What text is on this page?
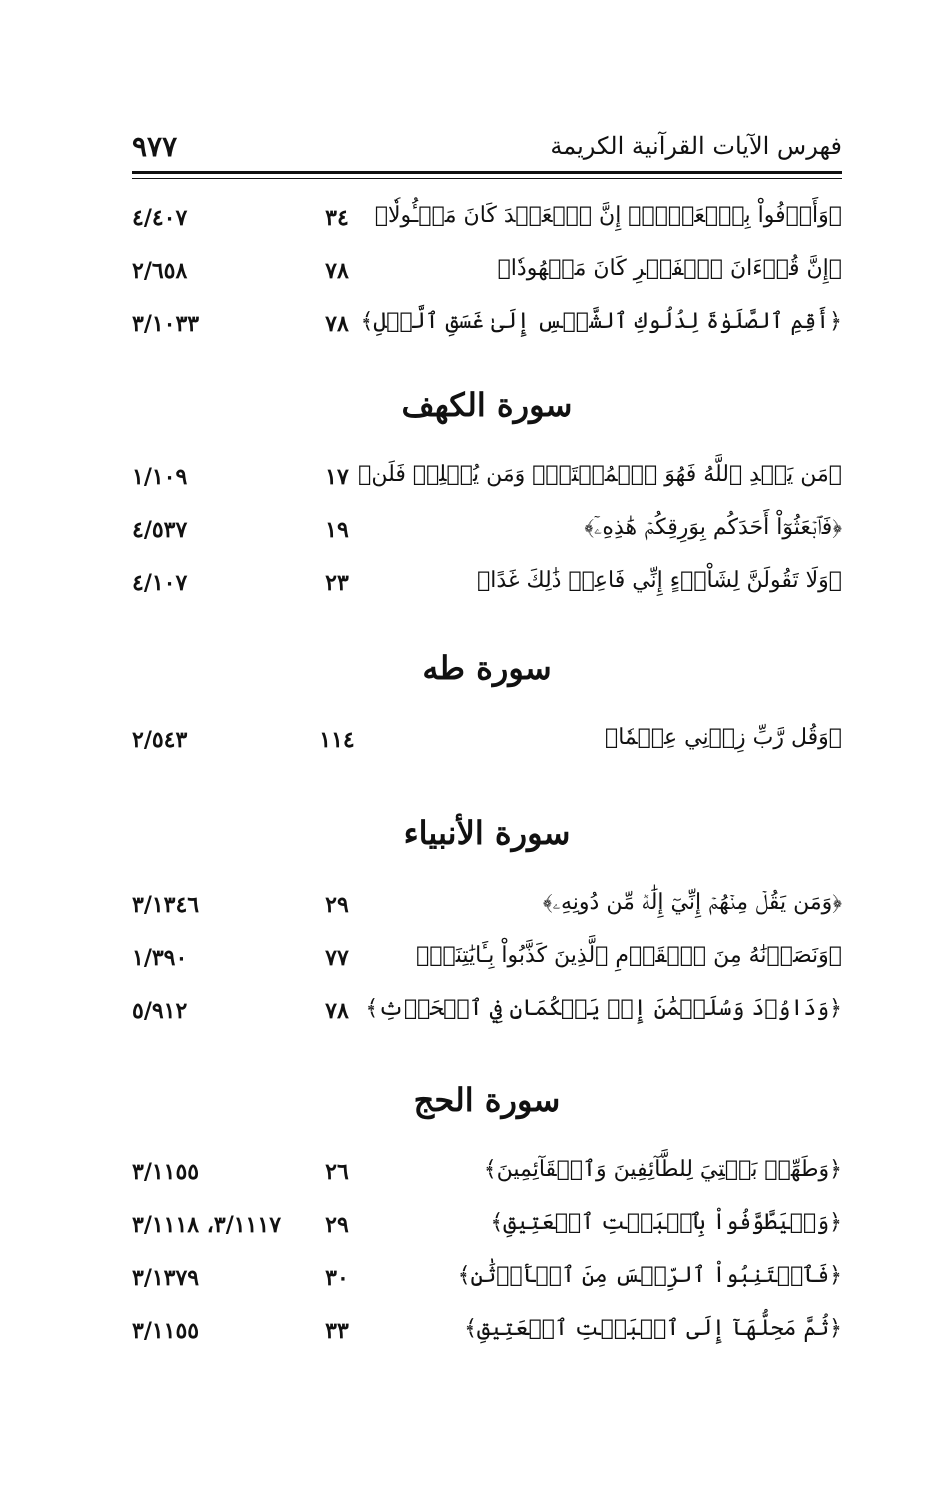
فهرس الآيات القرآنية الكريمة
٩٧٧
﴿وَأَوۡفُواْ بِٱلۡعَهۡدِۖ إِنَّ ٱلۡعَهۡدَ كَانَ مَسۡـُٔولٗا﴾
٣٤
٤/٤٠٧
﴿إِنَّ قُرۡءَانَ ٱلۡفَجۡرِ كَانَ مَشۡهُودٗا﴾
٧٨
٢/٦٥٨
﴿أَقِمِ ٱلصَّلَوٰةَ لِدُلُوكِ ٱلشَّمۡسِ إِلَىٰ غَسَقِ ٱلَّيۡلِ﴾
٧٨
٣/١٠٣٣
سورة الكهف
﴿مَن يَهۡدِ ٱللَّهُ فَهُوَ ٱلۡمُهۡتَدِۖ وَمَن يُضۡلِلۡ فَلَن﴾
١٧
١/١٠٩
﴿فَٱبۡعَثُوٓاْ أَحَدَكُم بِوَرِقِكُمۡ هَٰذِهِۦٓ﴾
١٩
٤/٥٣٧
﴿وَلَا تَقُولَنَّ لِشَاْيۡءٍ إِنِّي فَاعِلٞ ذَٰلِكَ غَدًا﴾
٢٣
٤/١٠٧
سورة طه
﴿وَقُل رَّبِّ زِدۡنِي عِلۡمٗا﴾
١١٤
٢/٥٤٣
سورة الأنبياء
﴿وَمَن يَقُلۡ مِنۡهُمۡ إِنِّيٓ إِلَٰهٞ مِّن دُونِهِۦ﴾
٢٩
٣/١٣٤٦
﴿وَنَصَرۡنَٰهُ مِنَ ٱلۡقَوۡمِ ٱلَّذِينَ كَذَّبُواْ بِـَٔايَٰتِنَآۚ﴾
٧٧
١/٣٩٠
﴿وَدَاوُۥدَ وَسُلَيۡمَٰنَ إِذۡ يَحۡكُمَانِ فِي ٱلۡحَرۡثِ﴾
٧٨
٥/٩١٢
سورة الحج
﴿وَطَهِّرۡ بَيۡتِيَ لِلطَّآئِفِينَ وَٱلۡقَآئِمِينَ﴾
٢٦
٣/١١٥٥
﴿وَلۡيَطَّوَّفُواْ بِٱلۡبَيۡتِ ٱلۡعَتِيقِ﴾
٢٩
٣/١١١٧، ٣/١١١٨
﴿فَٱجۡتَنِبُواْ ٱلرِّجۡسَ مِنَ ٱلۡأَوۡثَٰنِ﴾
٣٠
٣/١٣٧٩
﴿ثُمَّ مَحِلُّهَآ إِلَى ٱلۡبَيۡتِ ٱلۡعَتِيقِ﴾
٣٣
٣/١١٥٥
